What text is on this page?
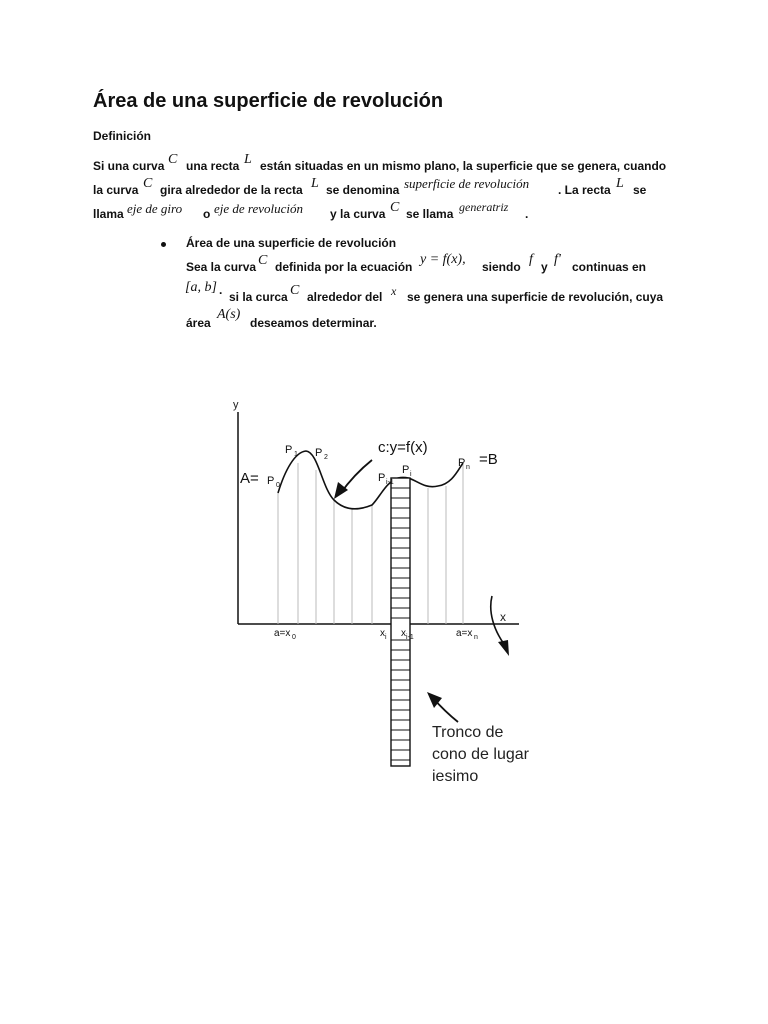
Área de una superficie de revolución
Definición
Si una curva C una recta L están situadas en un mismo plano, la superficie que se genera, cuando
la curva C gira alrededor de la recta L se denomina superficie de revolución . La recta L se
llama eje de giro o eje de revolución y la curva C se llama generatriz .
Área de una superficie de revolución
Sea la curva C definida por la ecuación y = f(x), siendo f y f' continuas en
[a, b] . si la curca C alrededor del x se genera una superficie de revolución, cuya
área
A(s)
deseamos determinar.
y
x
c:y=f(x)
A=
=B
P 0
P 1 P 2
P i-1
P i
P n
a=x 0	x i x i-1	a=x n
Tronco de
cono de lugar
iesimo
